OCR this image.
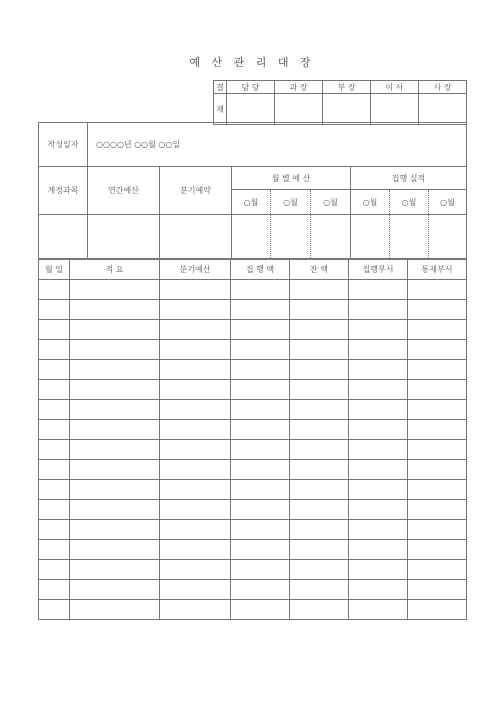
예 산 관 리 대 장
결	담 당	과 장	부 장	이 사	사 장
재					
작성일자	○○○○년 ○○월 ○○일							
계정과목	연간예산	분기예약	월 별 예 산			집행 실적		
			○월	○월	○월	○월	○월	○월

월 일	적 요	분기예산	집 행 액	잔 액	집행부서	통제부서
